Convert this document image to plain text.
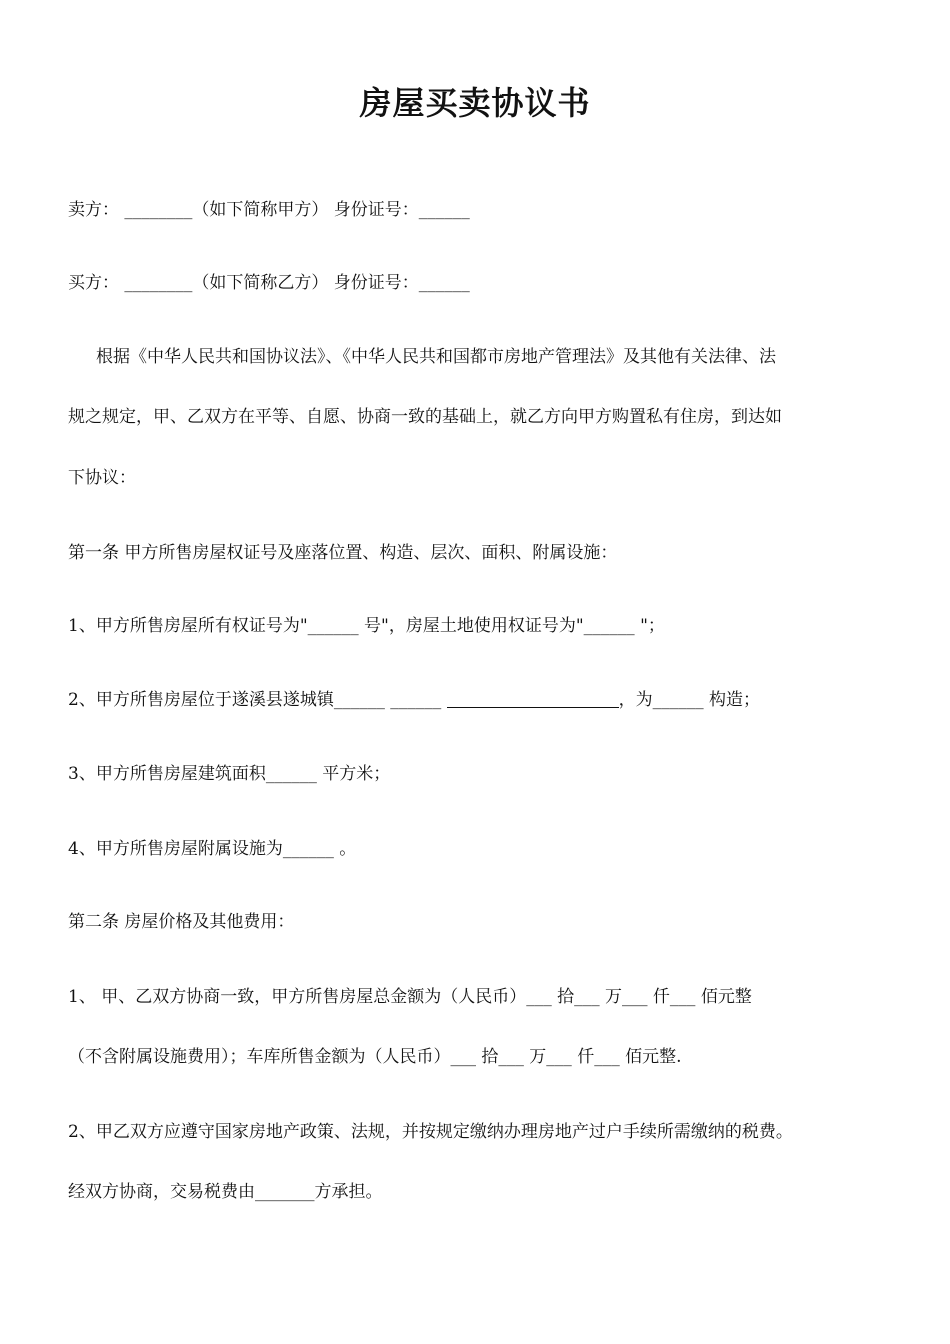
房屋买卖协议书
卖方： ________（如下简称甲方） 身份证号：______
买方： ________（如下简称乙方） 身份证号：______
根据《中华人民共和国协议法》、《中华人民共和国都市房地产管理法》及其他有关法律、法
规之规定，甲、乙双方在平等、自愿、协商一致的基础上，就乙方向甲方购置私有住房，到达如
下协议：
第一条 甲方所售房屋权证号及座落位置、构造、层次、面积、附属设施：
1、甲方所售房屋所有权证号为"______ 号"，房屋土地使用权证号为"______ "；
2、甲方所售房屋位于遂溪县遂城镇______ ______	，为______ 构造；
3、甲方所售房屋建筑面积______ 平方米；
4、甲方所售房屋附属设施为______ 。
第二条 房屋价格及其他费用：
1、 甲、乙双方协商一致，甲方所售房屋总金额为（人民币）___ 拾___ 万___ 仟___ 佰元整
（不含附属设施费用）；车库所售金额为（人民币）___ 拾___ 万___ 仟___ 佰元整.
2、甲乙双方应遵守国家房地产政策、法规，并按规定缴纳办理房地产过户手续所需缴纳的税费。
经双方协商，交易税费由_______方承担。
